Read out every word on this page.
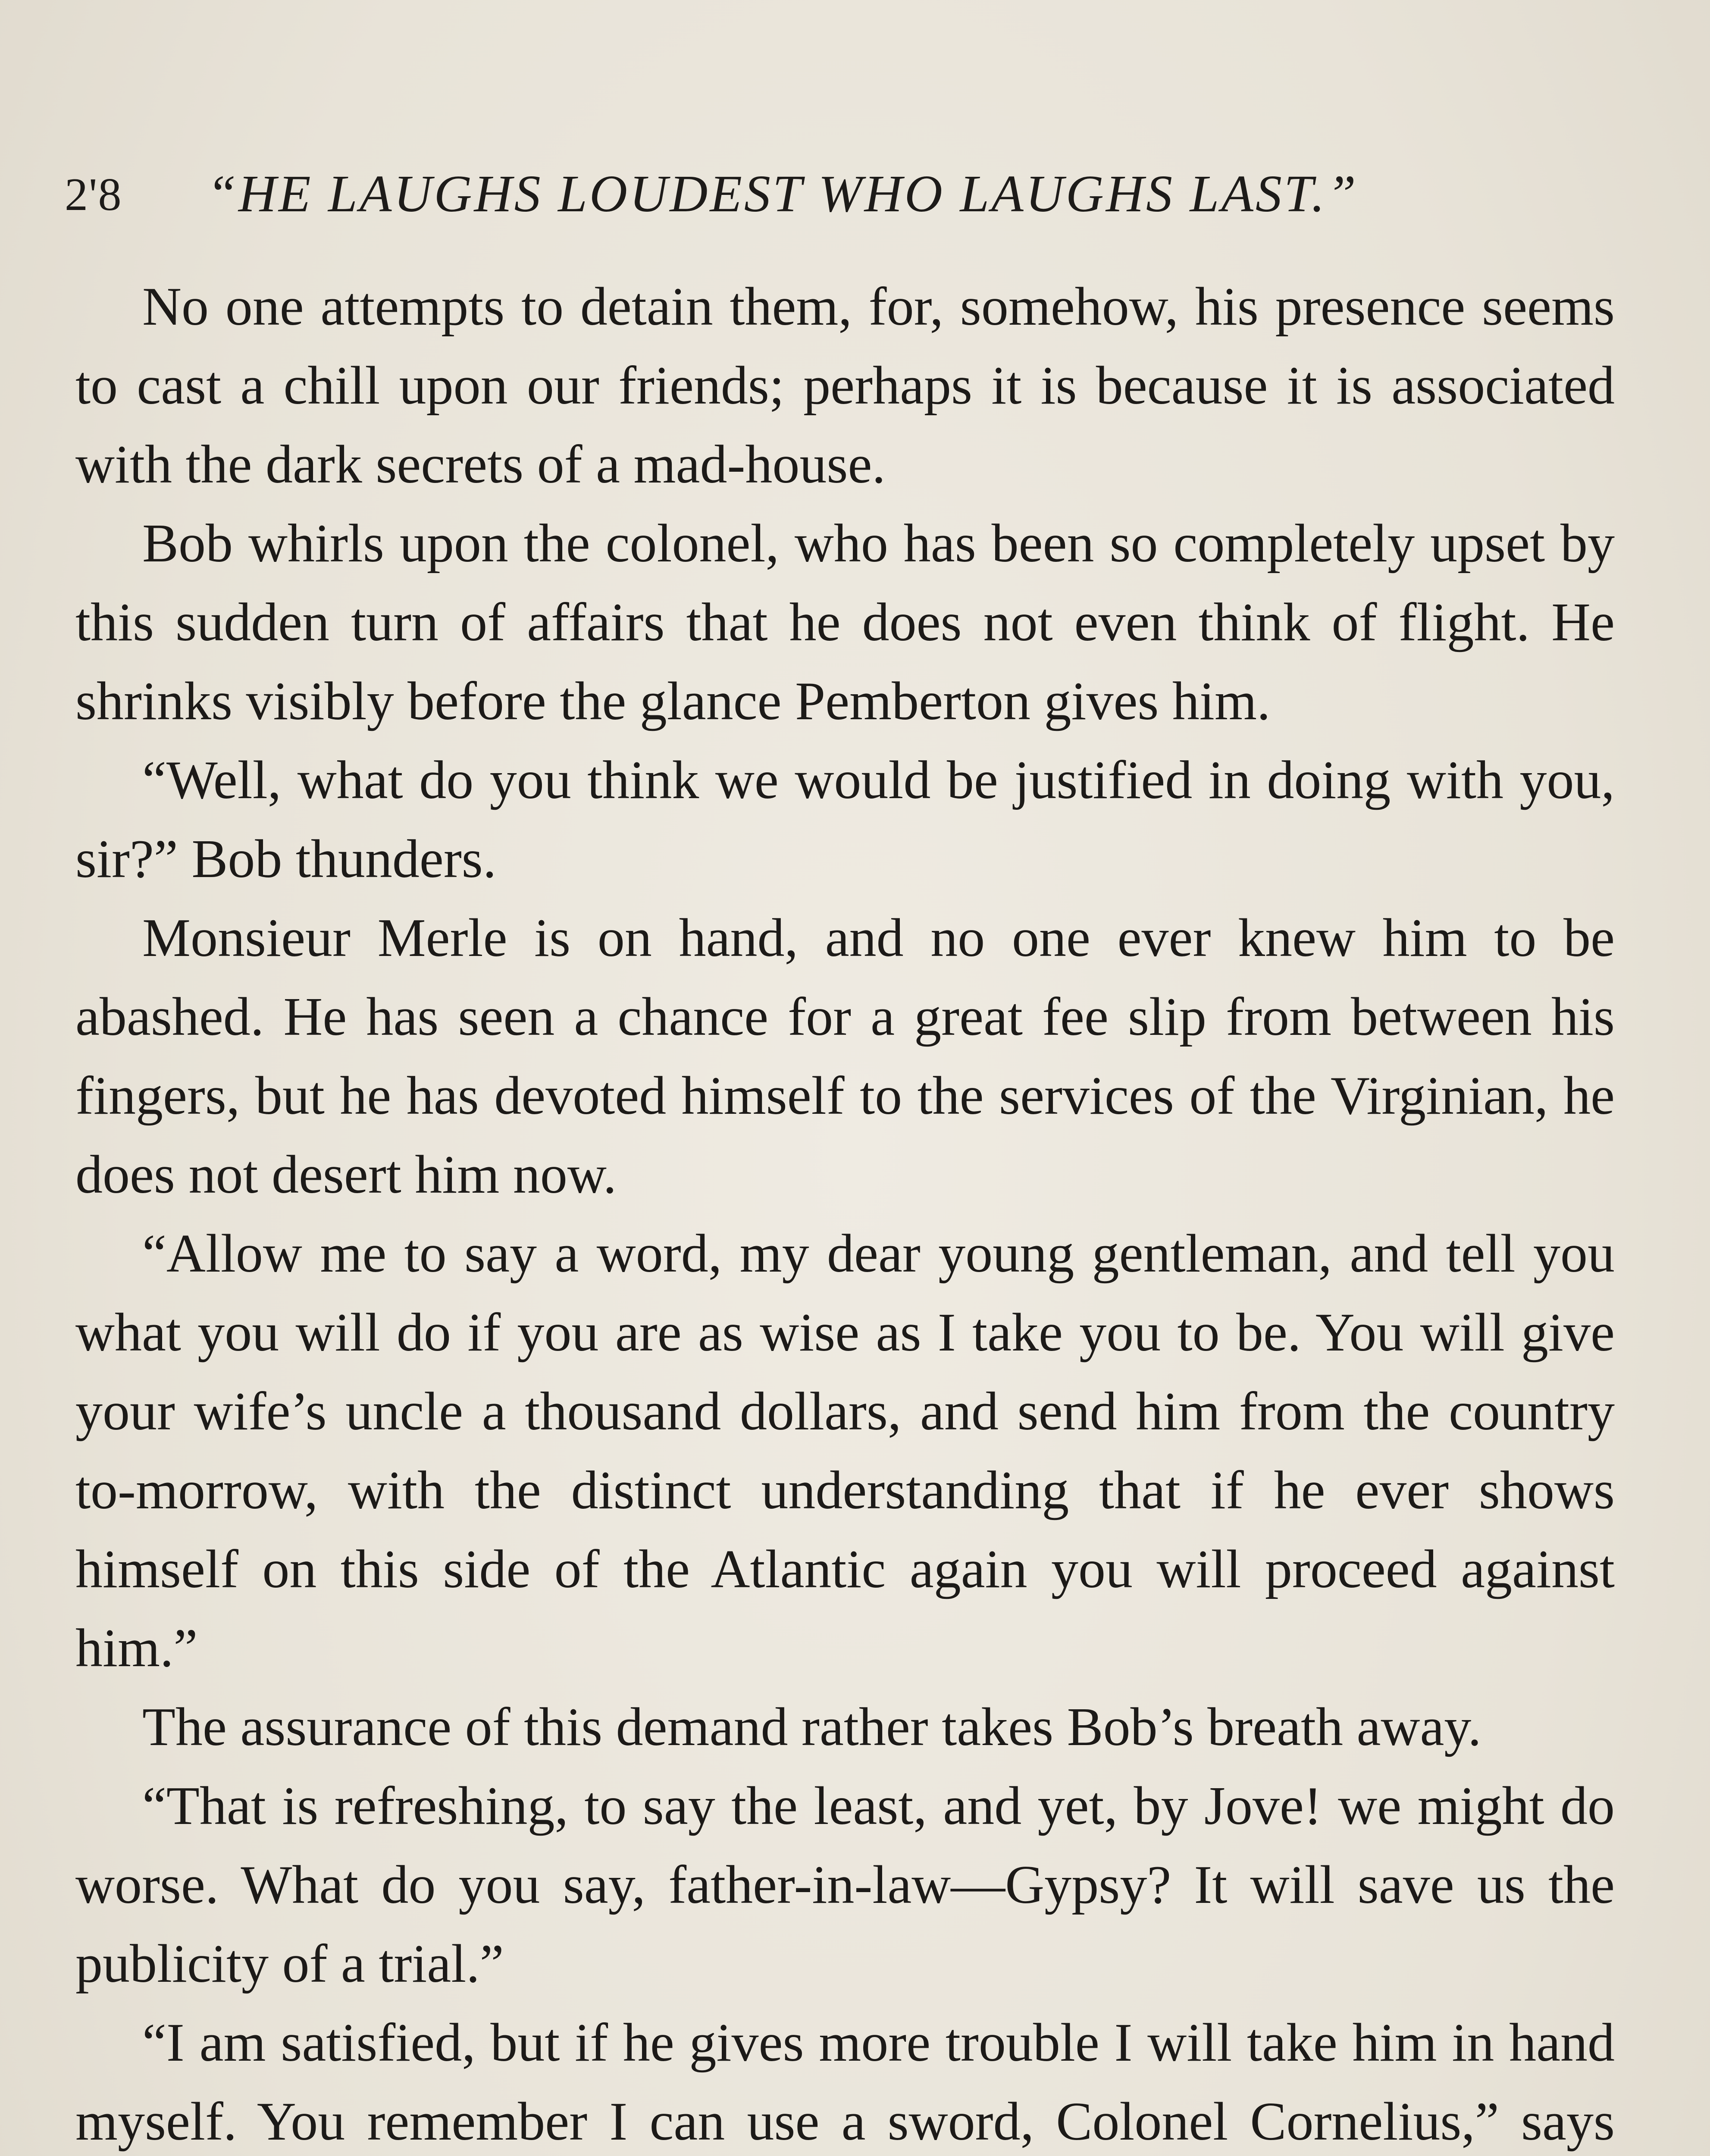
2'8 “HE LAUGHS LOUDEST WHO LAUGHS LAST.”

No one attempts to detain them, for, somehow, his presence seems to cast a chill upon our friends; perhaps it is because it is associated with the dark secrets of a mad-house.

Bob whirls upon the colonel, who has been so completely upset by this sudden turn of affairs that he does not even think of flight. He shrinks visibly before the glance Pemberton gives him.

“Well, what do you think we would be justified in doing with you, sir?” Bob thunders.

Monsieur Merle is on hand, and no one ever knew him to be abashed. He has seen a chance for a great fee slip from between his fingers, but he has devoted himself to the services of the Virginian, he does not desert him now.

“Allow me to say a word, my dear young gentleman, and tell you what you will do if you are as wise as I take you to be. You will give your wife’s uncle a thousand dollars, and send him from the country to-morrow, with the distinct understanding that if he ever shows himself on this side of the Atlantic again you will proceed against him.”

The assurance of this demand rather takes Bob’s breath away.

“That is refreshing, to say the least, and yet, by Jove! we might do worse. What do you say, father-in-law—Gypsy? It will save us the publicity of a trial.”

“I am satisfied, but if he gives more trouble I will take him in hand myself. You remember I can use a sword, Colonel Cornelius,” says
